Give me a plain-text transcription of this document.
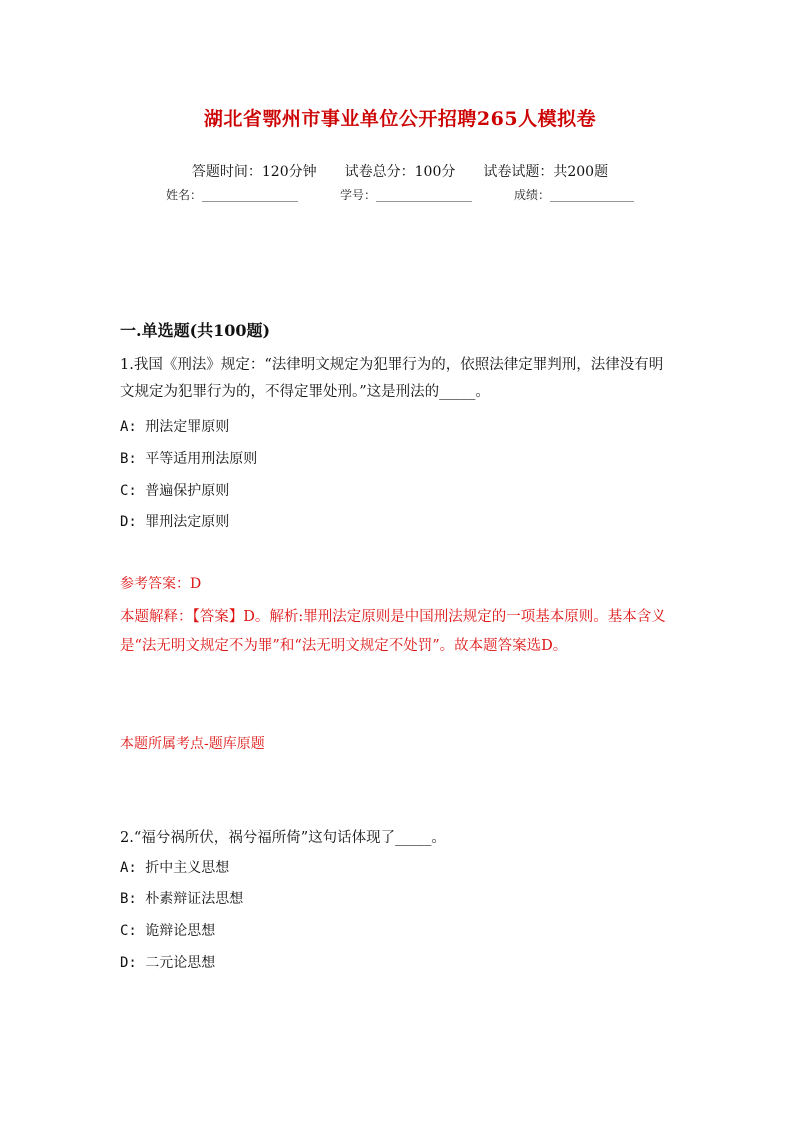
湖北省鄂州市事业单位公开招聘265人模拟卷
答题时间：120分钟 试卷总分：100分 试卷试题：共200题
姓名：________________	学号：________________	成绩：______________
一.单选题(共100题)
1.我国《刑法》规定：“法律明文规定为犯罪行为的，依照法律定罪判刑，法律没有明文规定为犯罪行为的，不得定罪处刑。”这是刑法的_____。
A: 刑法定罪原则
B: 平等适用刑法原则
C: 普遍保护原则
D: 罪刑法定原则
参考答案：D
本题解释：【答案】D。解析:罪刑法定原则是中国刑法规定的一项基本原则。基本含义是“法无明文规定不为罪”和“法无明文规定不处罚”。故本题答案选D。
本题所属考点-题库原题
2.“福兮祸所伏，祸兮福所倚”这句话体现了_____。
A: 折中主义思想
B: 朴素辩证法思想
C: 诡辩论思想
D: 二元论思想
